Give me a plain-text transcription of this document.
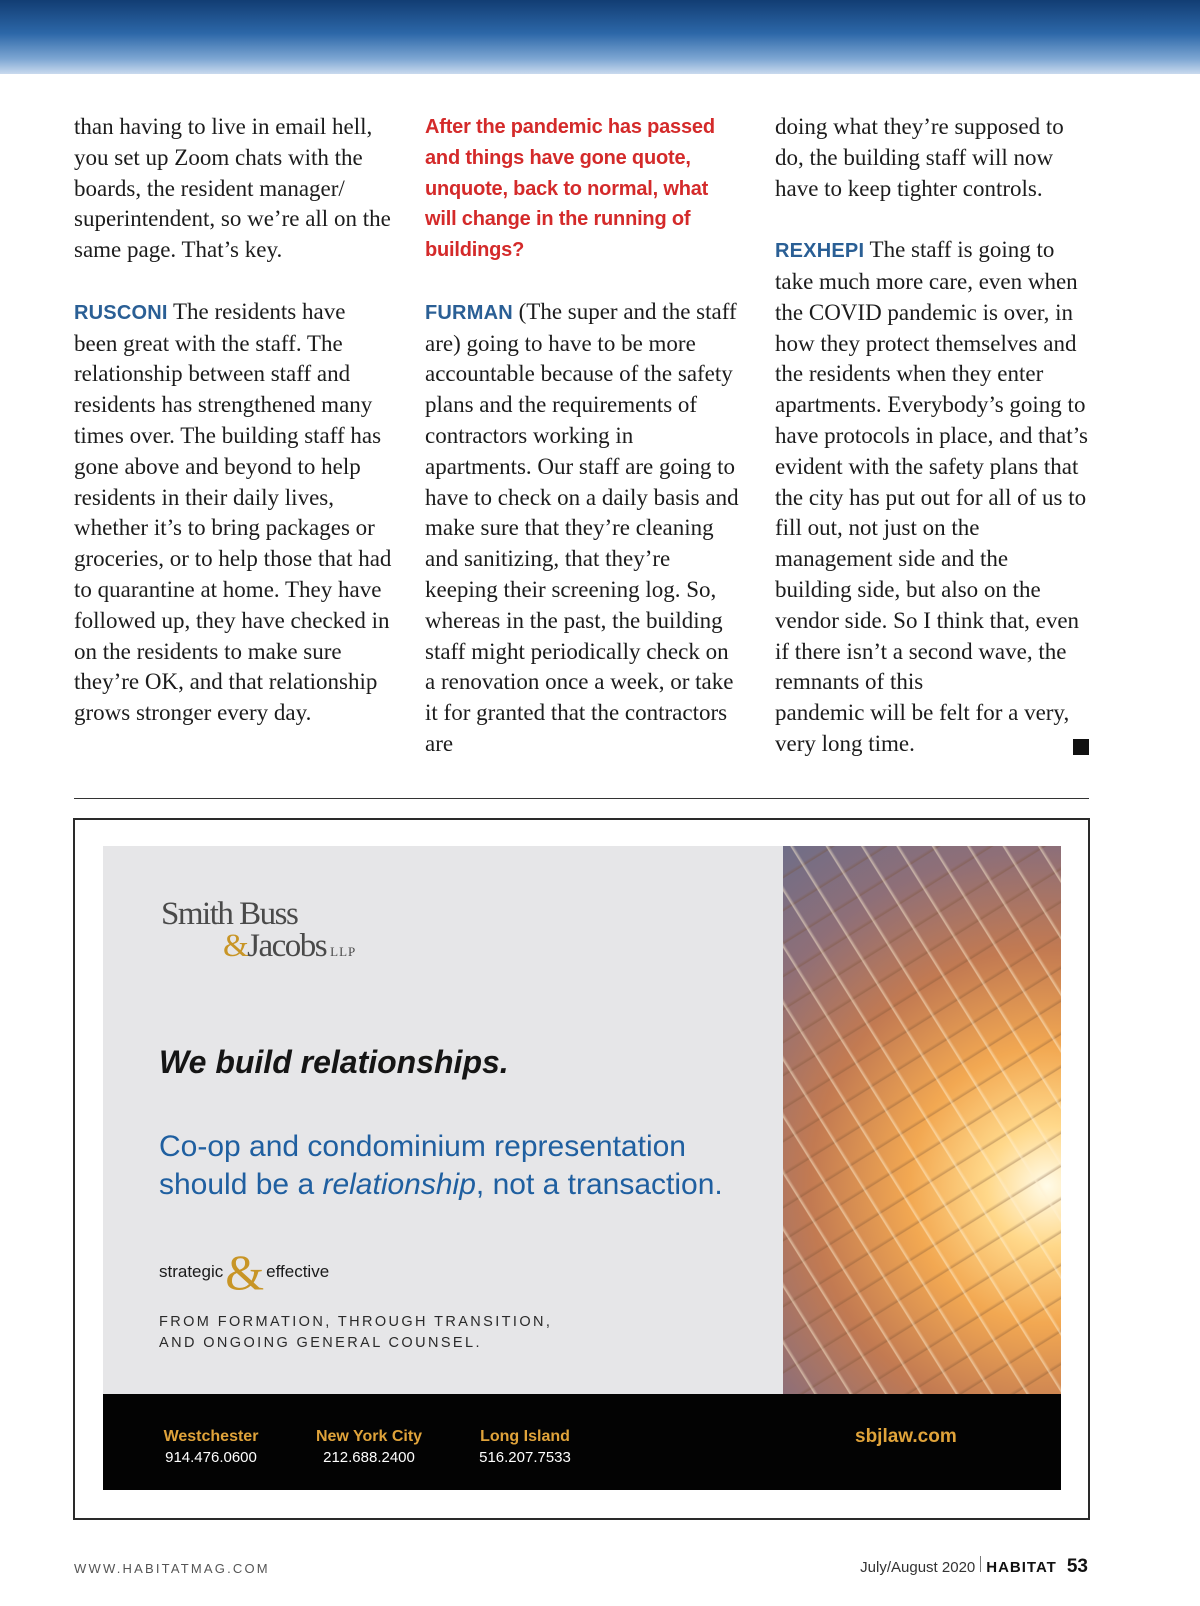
than having to live in email hell, you set up Zoom chats with the boards, the resident manager/ superintendent, so we’re all on the same page. That’s key.

RUSCONI The residents have been great with the staff. The relationship between staff and residents has strengthened many times over. The building staff has gone above and beyond to help residents in their daily lives, whether it’s to bring packages or groceries, or to help those that had to quarantine at home. They have followed up, they have checked in on the residents to make sure they’re OK, and that relationship grows stronger every day.

After the pandemic has passed and things have gone quote, unquote, back to normal, what will change in the running of buildings?

FURMAN (The super and the staff are) going to have to be more accountable because of the safety plans and the requirements of contractors working in apartments. Our staff are going to have to check on a daily basis and make sure that they’re cleaning and sanitizing, that they’re keeping their screening log. So, whereas in the past, the building staff might periodically check on a renovation once a week, or take it for granted that the contractors are

doing what they’re supposed to do, the building staff will now have to keep tighter controls.

REXHEPI The staff is going to take much more care, even when the COVID pandemic is over, in how they protect themselves and the residents when they enter apartments. Everybody’s going to have protocols in place, and that’s evident with the safety plans that the city has put out for all of us to fill out, not just on the management side and the building side, but also on the vendor side. So I think that, even if there isn’t a second wave, the remnants of this
pandemic will be felt for a very, very long time.

Smith Buss
&Jacobs LLP
We build relationships.
Co-op and condominium representation should be a relationship, not a transaction.
strategic & effective
FROM FORMATION, THROUGH TRANSITION,
AND ONGOING GENERAL COUNSEL.
Westchester
914.476.0600
New York City
212.688.2400
Long Island
516.207.7533
sbjlaw.com
WWW.HABITATMAG.COM	July/August 2020 HABITAT 53
